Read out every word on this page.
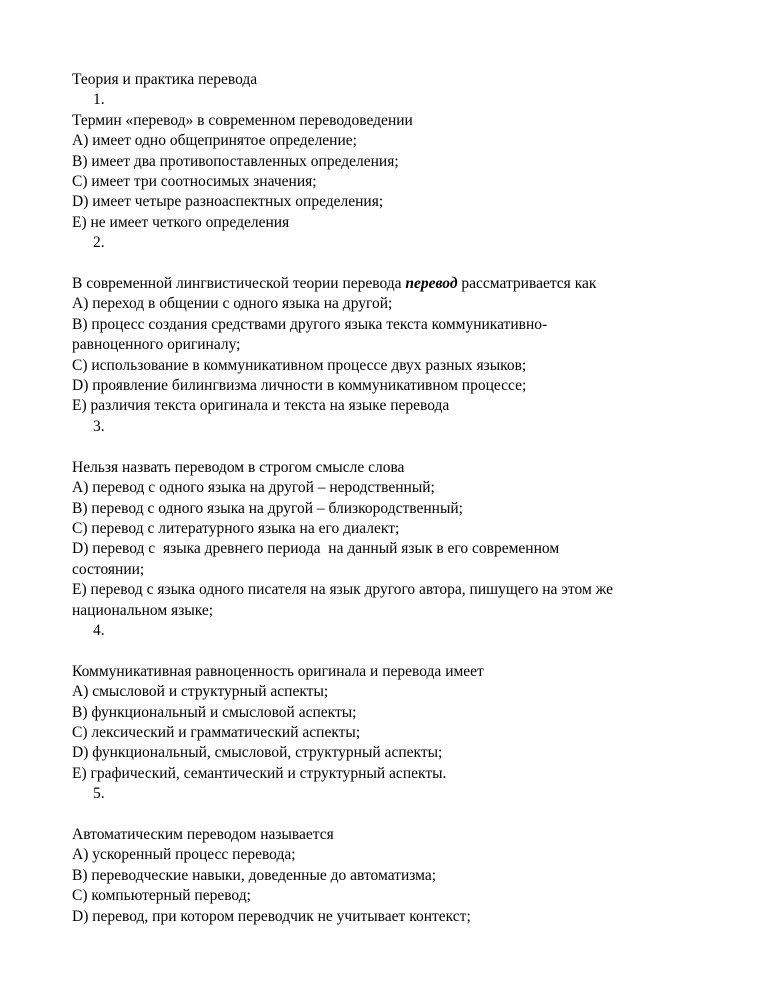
Теория и практика перевода
1.
Термин «перевод» в современном переводоведении
A) имеет одно общепринятое определение;
B) имеет два противопоставленных определения;
C) имеет три соотносимых значения;
D) имеет четыре разноаспектных определения;
E) не имеет четкого определения
2.
В современной лингвистической теории перевода перевод рассматривается как
A) переход в общении с одного языка на другой;
B) процесс создания средствами другого языка текста коммуникативно-
равноценного оригиналу;
C) использование в коммуникативном процессе двух разных языков;
D) проявление билингвизма личности в коммуникативном процессе;
E) различия текста оригинала и текста на языке перевода
3.
Нельзя назвать переводом в строгом смысле слова
A) перевод с одного языка на другой – неродственный;
B) перевод с одного языка на другой – близкородственный;
C) перевод с литературного языка на его диалект;
D) перевод с  языка древнего периода  на данный язык в его современном
состоянии;
E) перевод с языка одного писателя на язык другого автора, пишущего на этом же
национальном языке;
4.
Коммуникативная равноценность оригинала и перевода имеет
A) смысловой и структурный аспекты;
B) функциональный и смысловой аспекты;
C) лексический и грамматический аспекты;
D) функциональный, смысловой, структурный аспекты;
E) графический, семантический и структурный аспекты.
5.
Автоматическим переводом называется
A) ускоренный процесс перевода;
B) переводческие навыки, доведенные до автоматизма;
C) компьютерный перевод;
D) перевод, при котором переводчик не учитывает контекст;
